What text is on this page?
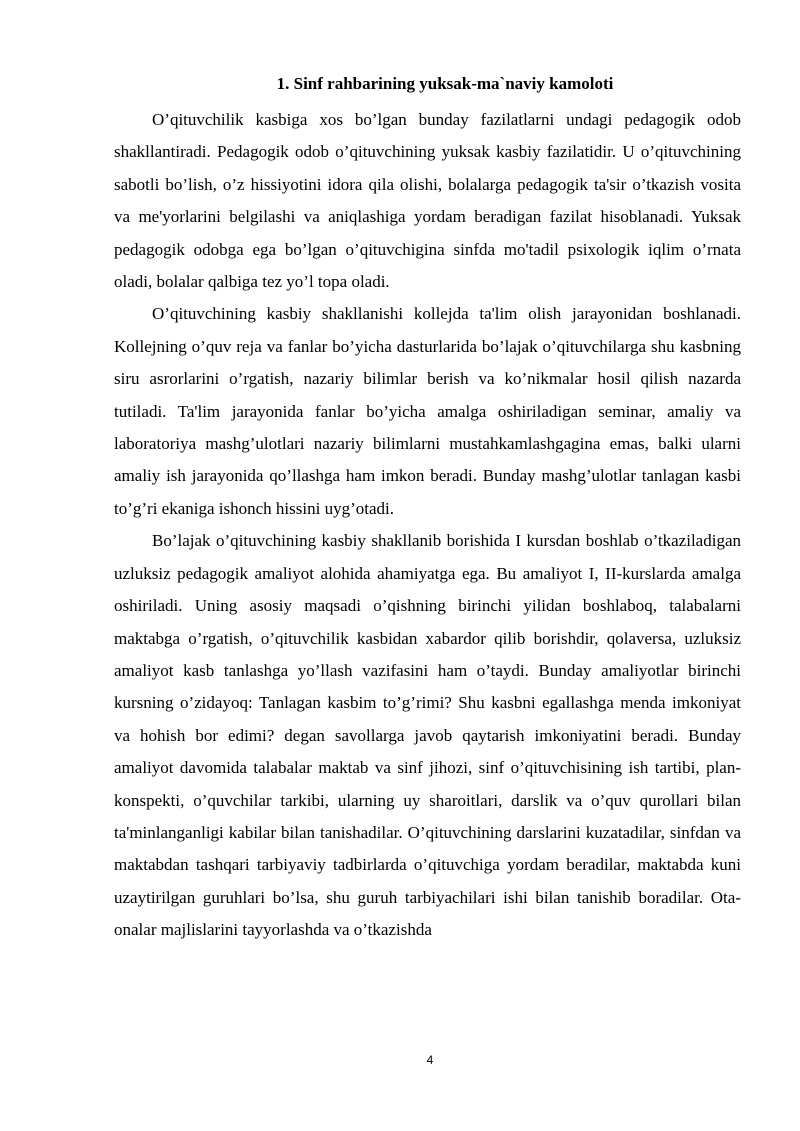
1. Sinf rahbarining yuksak-ma`naviy kamoloti

O’qituvchilik kasbiga xos bo’lgan bunday fazilatlarni undagi pedagogik odob shakllantiradi. Pedagogik odob o’qituvchining yuksak kasbiy fazilatidir. U o’qituvchining sabotli bo’lish, o’z hissiyotini idora qila olishi, bolalarga pedagogik ta'sir o’tkazish vosita va me'yorlarini belgilashi va aniqlashiga yordam beradigan fazilat hisoblanadi. Yuksak pedagogik odobga ega bo’lgan o’qituvchigina sinfda mo'tadil psixologik iqlim o’rnata oladi, bolalar qalbiga tez yo’l topa oladi.

O’qituvchining kasbiy shakllanishi kollejda ta'lim olish jarayonidan boshlanadi. Kollejning o’quv reja va fanlar bo’yicha dasturlarida bo’lajak o’qituvchilarga shu kasbning siru asrorlarini o’rgatish, nazariy bilimlar berish va ko’nikmalar hosil qilish nazarda tutiladi. Ta'lim jarayonida fanlar bo’yicha amalga oshiriladigan seminar, amaliy va laboratoriya mashg’ulotlari nazariy bilimlarni mustahkamlashgagina emas, balki ularni amaliy ish jarayonida qo’llashga ham imkon beradi. Bunday mashg’ulotlar tanlagan kasbi to’g’ri ekaniga ishonch hissini uyg’otadi.

Bo’lajak o’qituvchining kasbiy shakllanib borishida I kursdan boshlab o’tkaziladigan uzluksiz pedagogik amaliyot alohida ahamiyatga ega. Bu amaliyot I, II-kurslarda amalga oshiriladi. Uning asosiy maqsadi o’qishning birinchi yilidan boshlaboq, talabalarni maktabga o’rgatish, o’qituvchilik kasbidan xabardor qilib borishdir, qolaversa, uzluksiz amaliyot kasb tanlashga yo’llash vazifasini ham o’taydi. Bunday amaliyotlar birinchi kursning o’zidayoq: Tanlagan kasbim to’g’rimi? Shu kasbni egallashga menda imkoniyat va hohish bor edimi? degan savollarga javob qaytarish imkoniyatini beradi. Bunday amaliyot davomida talabalar maktab va sinf jihozi, sinf o’qituvchisining ish tartibi, plan-konspekti, o’quvchilar tarkibi, ularning uy sharoitlari, darslik va o’quv qurollari bilan ta'minlanganligi kabilar bilan tanishadilar. O’qituvchining darslarini kuzatadilar, sinfdan va maktabdan tashqari tarbiyaviy tadbirlarda o’qituvchiga yordam beradilar, maktabda kuni uzaytirilgan guruhlari bo’lsa, shu guruh tarbiyachilari ishi bilan tanishib boradilar. Ota-onalar majlislarini tayyorlashda va o’tkazishda

4
